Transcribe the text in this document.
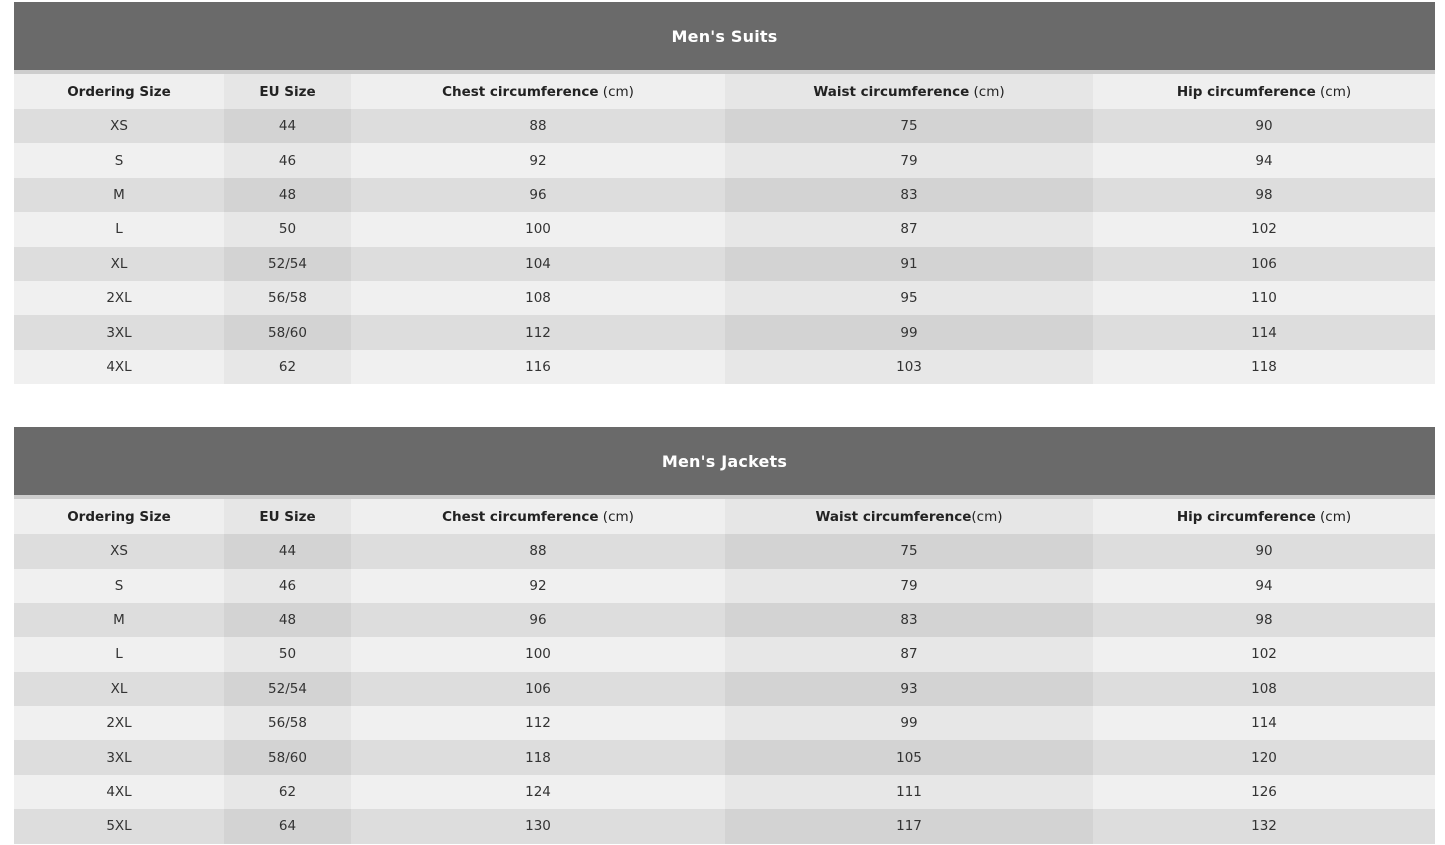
Men's Suits
Ordering Size	EU Size	Chest circumference (cm)	Waist circumference (cm)	Hip circumference (cm)
XS	44	88	75	90
S	46	92	79	94
M	48	96	83	98
L	50	100	87	102
XL	52/54	104	91	106
2XL	56/58	108	95	110
3XL	58/60	112	99	114
4XL	62	116	103	118
Men's Jackets
Ordering Size	EU Size	Chest circumference (cm)	Waist circumference (cm)	Hip circumference (cm)
XS	44	88	75	90
S	46	92	79	94
M	48	96	83	98
L	50	100	87	102
XL	52/54	106	93	108
2XL	56/58	112	99	114
3XL	58/60	118	105	120
4XL	62	124	111	126
5XL	64	130	117	132
